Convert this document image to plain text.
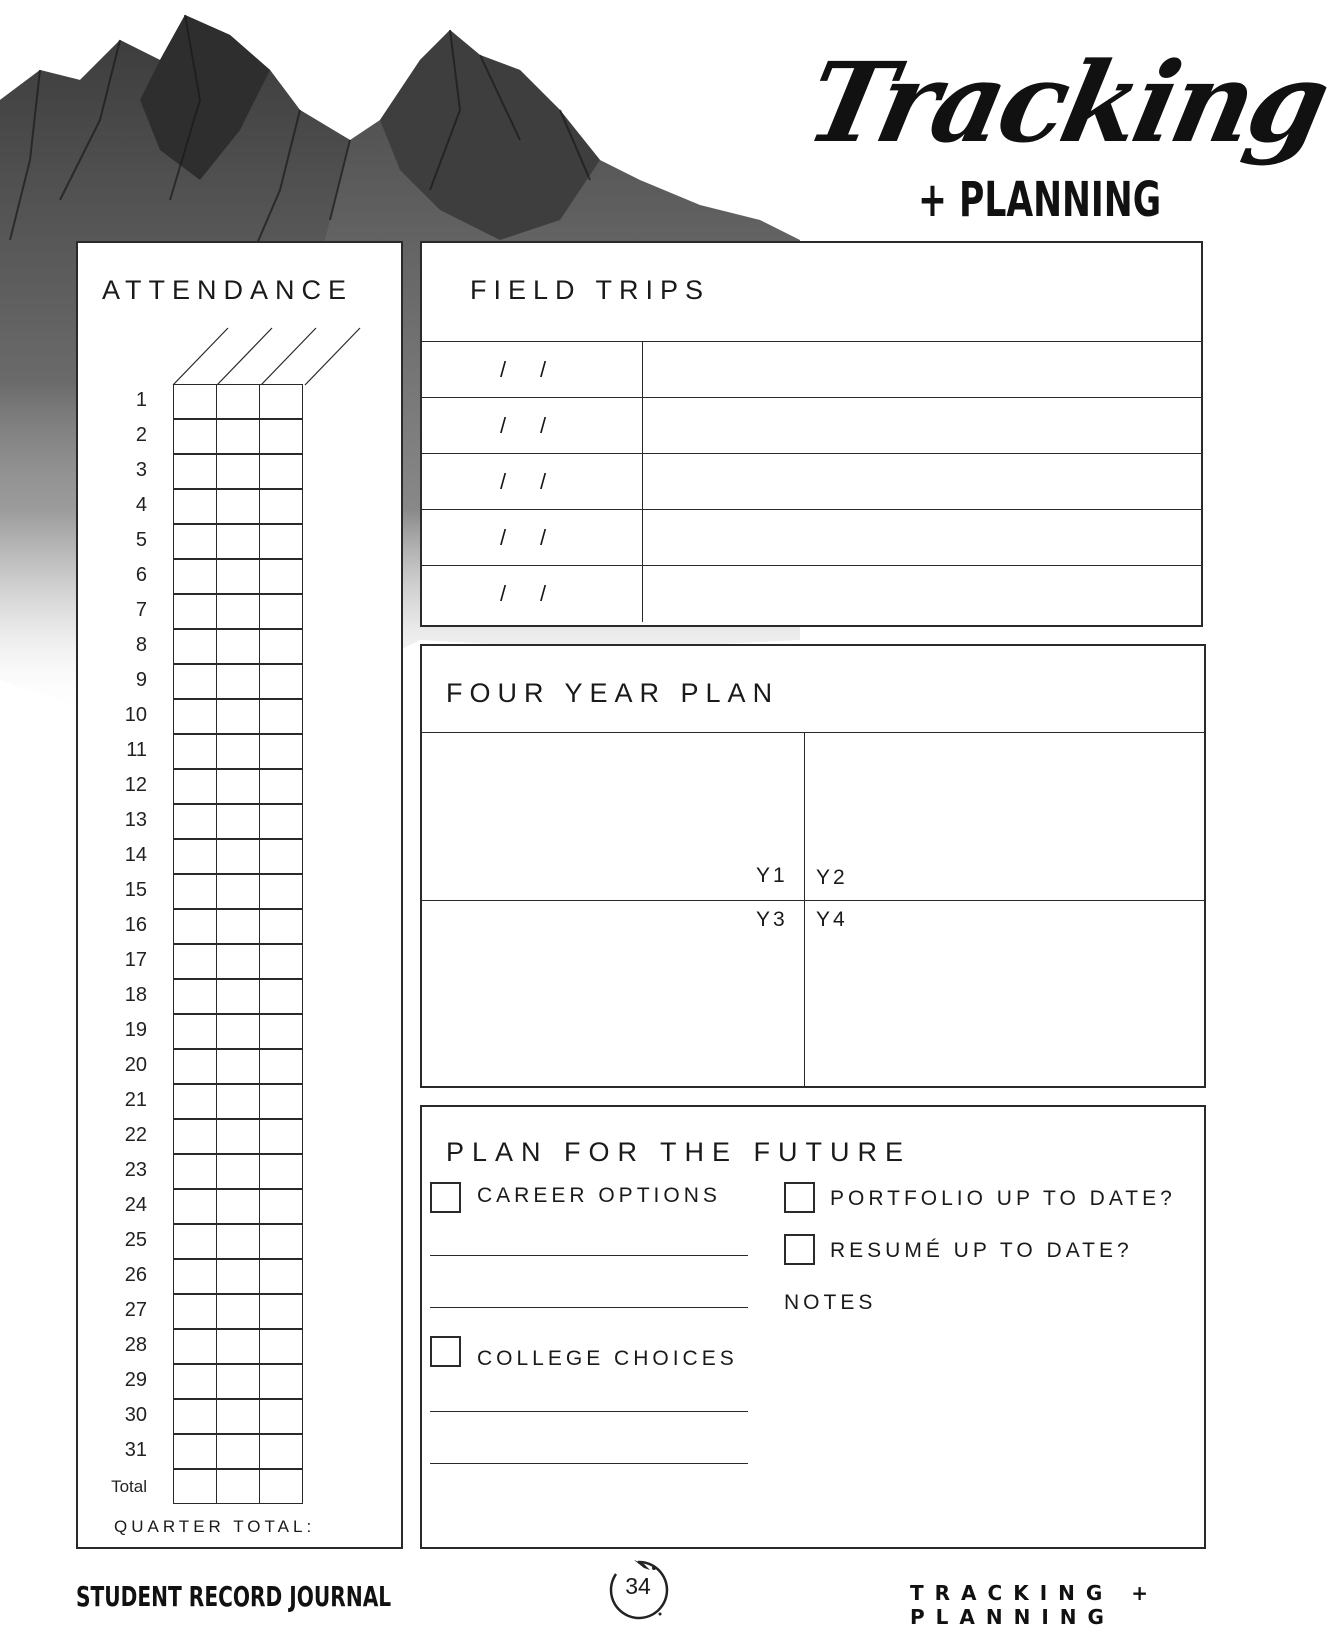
Tracking
+ PLANNING
ATTENDANCE
1
2
3
4
5
6
7
8
9
10
11
12
13
14
15
16
17
18
19
20
21
22
23
24
25
26
27
28
29
30
31
Total
QUARTER TOTAL:
FIELD TRIPS
/ /
/ /
/ /
/ /
/ /
FOUR YEAR PLAN
Y1 Y2
Y3 Y4
PLAN FOR THE FUTURE
CAREER OPTIONS
COLLEGE CHOICES
PORTFOLIO UP TO DATE?
RESUMÉ UP TO DATE?
NOTES
STUDENT RECORD JOURNAL	34	TRACKING + PLANNING
